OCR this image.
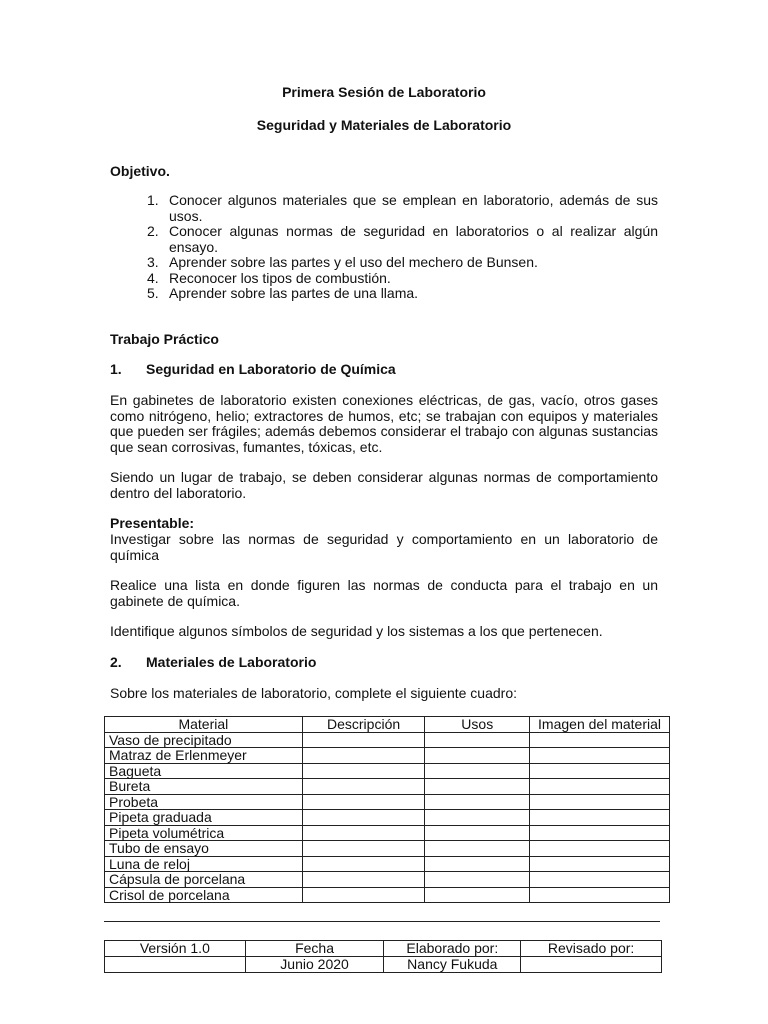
Primera Sesión de Laboratorio
Seguridad y Materiales de Laboratorio
Objetivo.
1. Conocer algunos materiales que se emplean en laboratorio, además de sus usos.
2. Conocer algunas normas de seguridad en laboratorios o al realizar algún ensayo.
3. Aprender sobre las partes y el uso del mechero de Bunsen.
4. Reconocer los tipos de combustión.
5. Aprender sobre las partes de una llama.
Trabajo Práctico
1. Seguridad en Laboratorio de Química
En gabinetes de laboratorio existen conexiones eléctricas, de gas, vacío, otros gases como nitrógeno, helio; extractores de humos, etc; se trabajan con equipos y materiales que pueden ser frágiles; además debemos considerar el trabajo con algunas sustancias que sean corrosivas, fumantes, tóxicas, etc.
Siendo un lugar de trabajo, se deben considerar algunas normas de comportamiento dentro del laboratorio.
Presentable:
Investigar sobre las normas de seguridad y comportamiento en un laboratorio de química
Realice una lista en donde figuren las normas de conducta para el trabajo en un gabinete de química.
Identifique algunos símbolos de seguridad y los sistemas a los que pertenecen.
2. Materiales de Laboratorio
Sobre los materiales de laboratorio, complete el siguiente cuadro:
Material	Descripción	Usos	Imagen del material
Vaso de precipitado			
Matraz de Erlenmeyer			
Bagueta			
Bureta			
Probeta			
Pipeta graduada			
Pipeta volumétrica			
Tubo de ensayo			
Luna de reloj			
Cápsula de porcelana			
Crisol de porcelana			
Versión 1.0	Fecha	Elaborado por:	Revisado por:
	Junio 2020	Nancy Fukuda	
